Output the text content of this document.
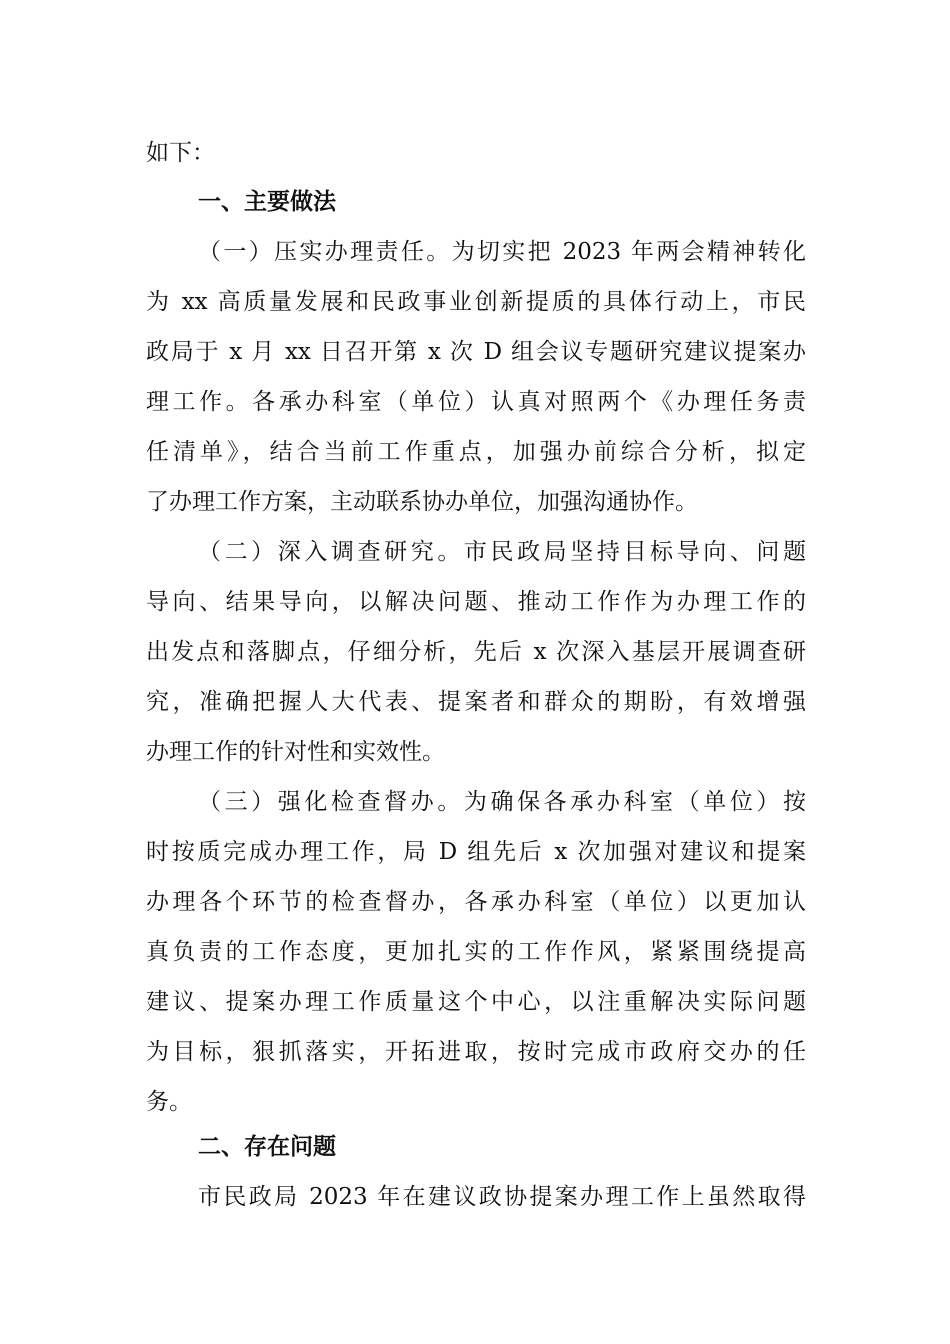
如下：
一、主要做法
（一）压实办理责任。为切实把 2023 年两会精神转化
为 xx 高质量发展和民政事业创新提质的具体行动上，市民
政局于 x 月 xx 日召开第 x 次 D 组会议专题研究建议提案办
理工作。各承办科室（单位）认真对照两个《办理任务责
任清单》，结合当前工作重点，加强办前综合分析，拟定
了办理工作方案，主动联系协办单位，加强沟通协作。
（二）深入调查研究。市民政局坚持目标导向、问题
导向、结果导向，以解决问题、推动工作作为办理工作的
出发点和落脚点，仔细分析，先后 x 次深入基层开展调查研
究，准确把握人大代表、提案者和群众的期盼，有效增强
办理工作的针对性和实效性。
（三）强化检查督办。为确保各承办科室（单位）按
时按质完成办理工作，局 D 组先后 x 次加强对建议和提案
办理各个环节的检查督办，各承办科室（单位）以更加认
真负责的工作态度，更加扎实的工作作风，紧紧围绕提高
建议、提案办理工作质量这个中心，以注重解决实际问题
为目标，狠抓落实，开拓进取，按时完成市政府交办的任
务。
二、存在问题
市民政局 2023 年在建议政协提案办理工作上虽然取得
